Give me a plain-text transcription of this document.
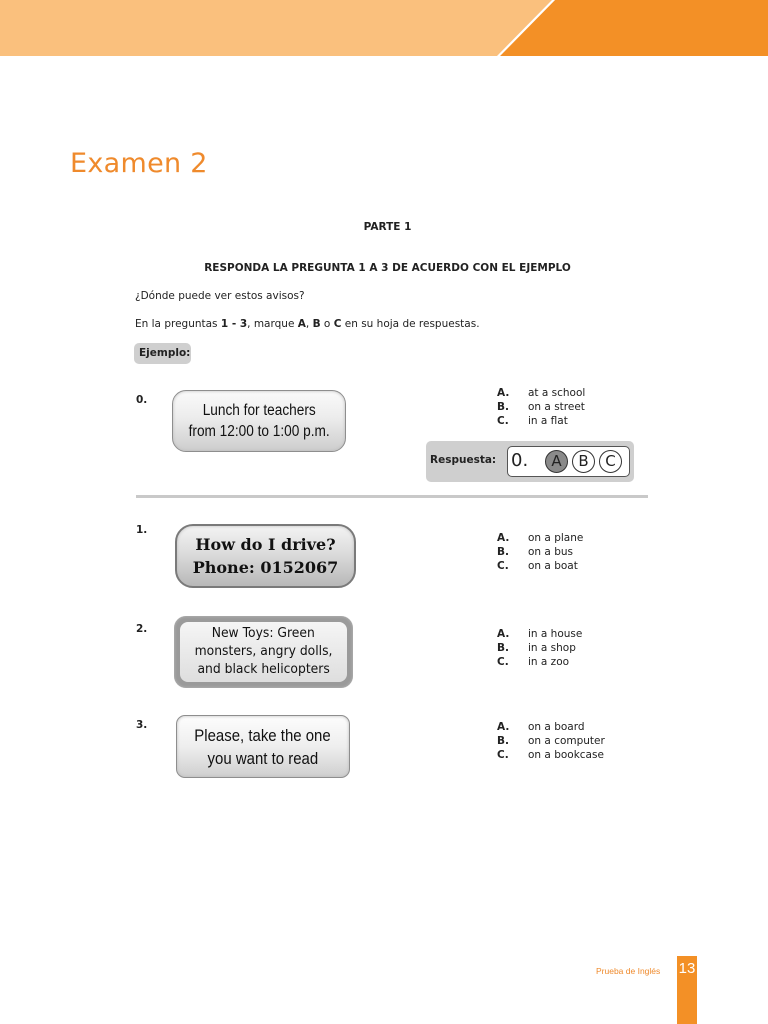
Examen 2
PARTE 1
RESPONDA LA PREGUNTA 1 A 3 DE ACUERDO CON EL EJEMPLO
¿Dónde puede ver estos avisos?
En la preguntas 1 - 3, marque A, B o C en su hoja de respuestas.
Ejemplo:
0.
Lunch for teachers
from 12:00 to 1:00 p.m.
A.	at a school
B.	on a street
C.	in a flat
Respuesta: 0.	A	B	C
1.
How do I drive?
Phone: 0152067
A.	on a plane
B.	on a bus
C.	on a boat
2.	New Toys: Green
monsters, angry dolls,
and black helicopters
A.	in a house
B.	in a shop
C.	in a zoo
3.
Please, take the one
you want to read
A.	on a board
B.	on a computer
C.	on a bookcase
Prueba de Inglés 13
